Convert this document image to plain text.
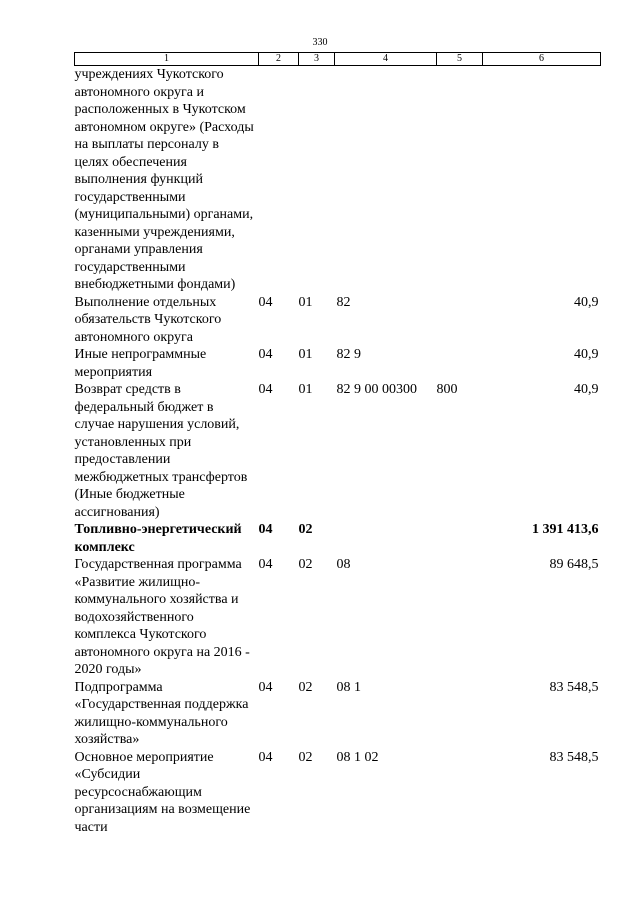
330
1	2	3	4	5	6
учреждениях Чукотского автономного округа и расположенных в Чукотском автономном округе» (Расходы на выплаты персоналу в целях обеспечения выполнения функций государственными (муниципальными) органами, казенными учреждениями, органами управления государственными внебюджетными фондами)					
Выполнение отдельных обязательств Чукотского автономного округа	04	01	82		40,9
Иные непрограммные мероприятия	04	01	82 9		40,9
Возврат средств в федеральный бюджет в случае нарушения условий, установленных при предоставлении межбюджетных трансфертов (Иные бюджетные ассигнования)	04	01	82 9 00 00300	800	40,9
Топливно-энергетический комплекс	04	02			1 391 413,6
Государственная программа «Развитие жилищно-коммунального хозяйства и водохозяйственного комплекса Чукотского автономного округа на 2016 - 2020 годы»	04	02	08		89 648,5
Подпрограмма «Государственная поддержка жилищно-коммунального хозяйства»	04	02	08 1		83 548,5
Основное мероприятие «Субсидии ресурсоснабжающим организациям на возмещение части	04	02	08 1 02		83 548,5
